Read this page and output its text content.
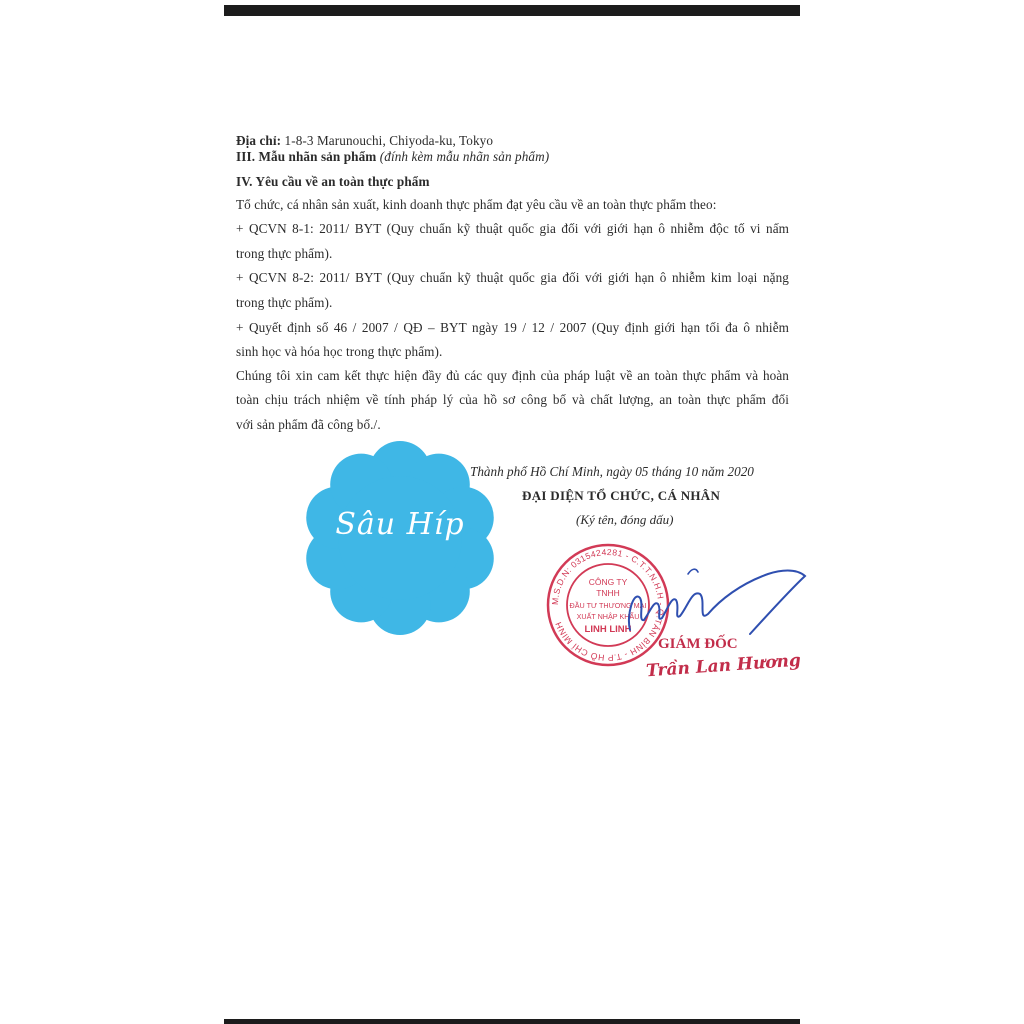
Địa chỉ: 1-8-3 Marunouchi, Chiyoda-ku, Tokyo
III. Mẫu nhãn sản phẩm (đính kèm mẫu nhãn sản phẩm)
IV. Yêu cầu về an toàn thực phẩm
Tổ chức, cá nhân sản xuất, kinh doanh thực phẩm đạt yêu cầu về an toàn thực phẩm theo:
+ QCVN 8-1: 2011/ BYT (Quy chuẩn kỹ thuật quốc gia đối với giới hạn ô nhiễm độc tố vi nấm
trong thực phẩm).
+ QCVN 8-2: 2011/ BYT (Quy chuẩn kỹ thuật quốc gia đối với giới hạn ô nhiễm kim loại nặng
trong thực phẩm).
+ Quyết định số 46 / 2007 / QĐ – BYT ngày 19 / 12 / 2007 (Quy định giới hạn tối đa ô nhiễm
sinh học và hóa học trong thực phẩm).
Chúng tôi xin cam kết thực hiện đầy đủ các quy định của pháp luật về an toàn thực phẩm và hoàn
toàn chịu trách nhiệm về tính pháp lý của hồ sơ công bố và chất lượng, an toàn thực phẩm đối
với sản phẩm đã công bố./.
Sâu Híp
Thành phố Hồ Chí Minh, ngày 05 tháng 10 năm 2020
ĐẠI DIỆN TỔ CHỨC, CÁ NHÂN
(Ký tên, đóng dấu)
M.S.D.N: 0315424281 - C.T.T.N.H.H - Q.TÂN BÌNH - T.P HỒ CHÍ MINH
CÔNG TY
TNHH
ĐẦU TƯ THƯƠNG MẠI
XUẤT NHẬP KHẨU
LINH LINH
GIÁM ĐỐC
Trần Lan Hương
